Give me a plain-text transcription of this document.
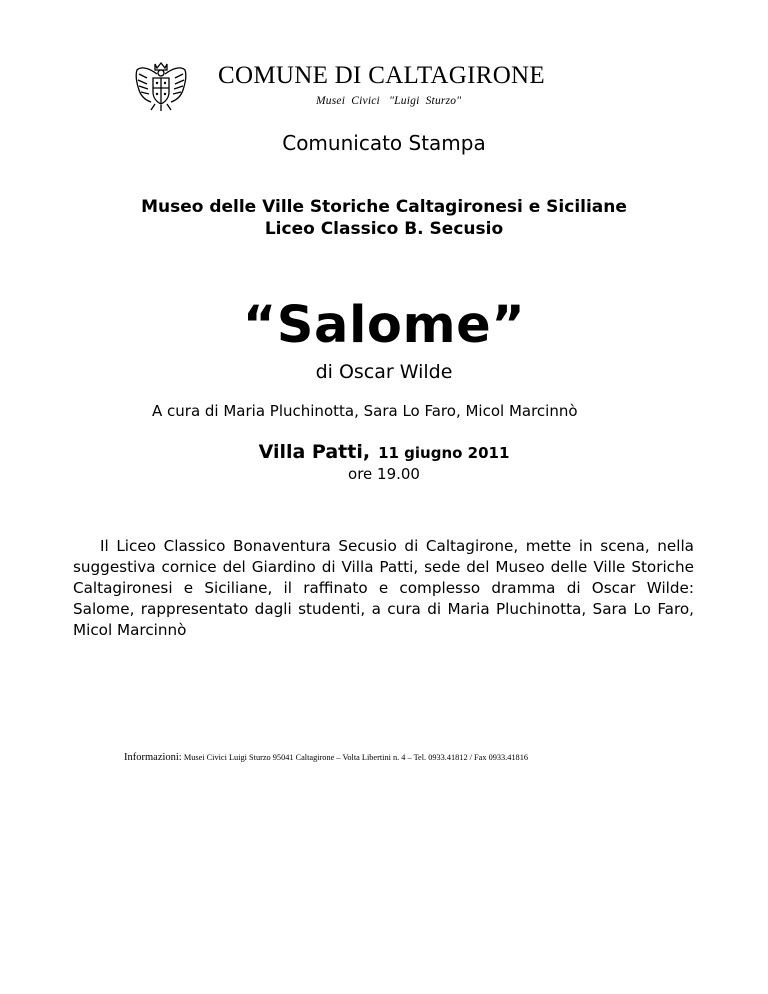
COMUNE DI CALTAGIRONE
Musei  Civici   "Luigi  Sturzo"
Comunicato Stampa
Museo delle Ville Storiche Caltagironesi e Siciliane
Liceo Classico B. Secusio
“Salome”
di Oscar Wilde
A cura di Maria Pluchinotta, Sara Lo Faro, Micol Marcinnò
Villa Patti, 11 giugno 2011
ore 19.00
Il Liceo Classico Bonaventura Secusio di Caltagirone, mette in scena, nella suggestiva cornice del Giardino di Villa Patti, sede del Museo delle Ville Storiche Caltagironesi e Siciliane, il raffinato e complesso dramma di Oscar Wilde: Salome, rappresentato dagli studenti, a cura di Maria Pluchinotta, Sara Lo Faro, Micol Marcinnò
Informazioni: Musei Civici Luigi Sturzo 95041 Caltagirone – Volta Libertini n. 4 – Tel. 0933.41812 / Fax 0933.41816
